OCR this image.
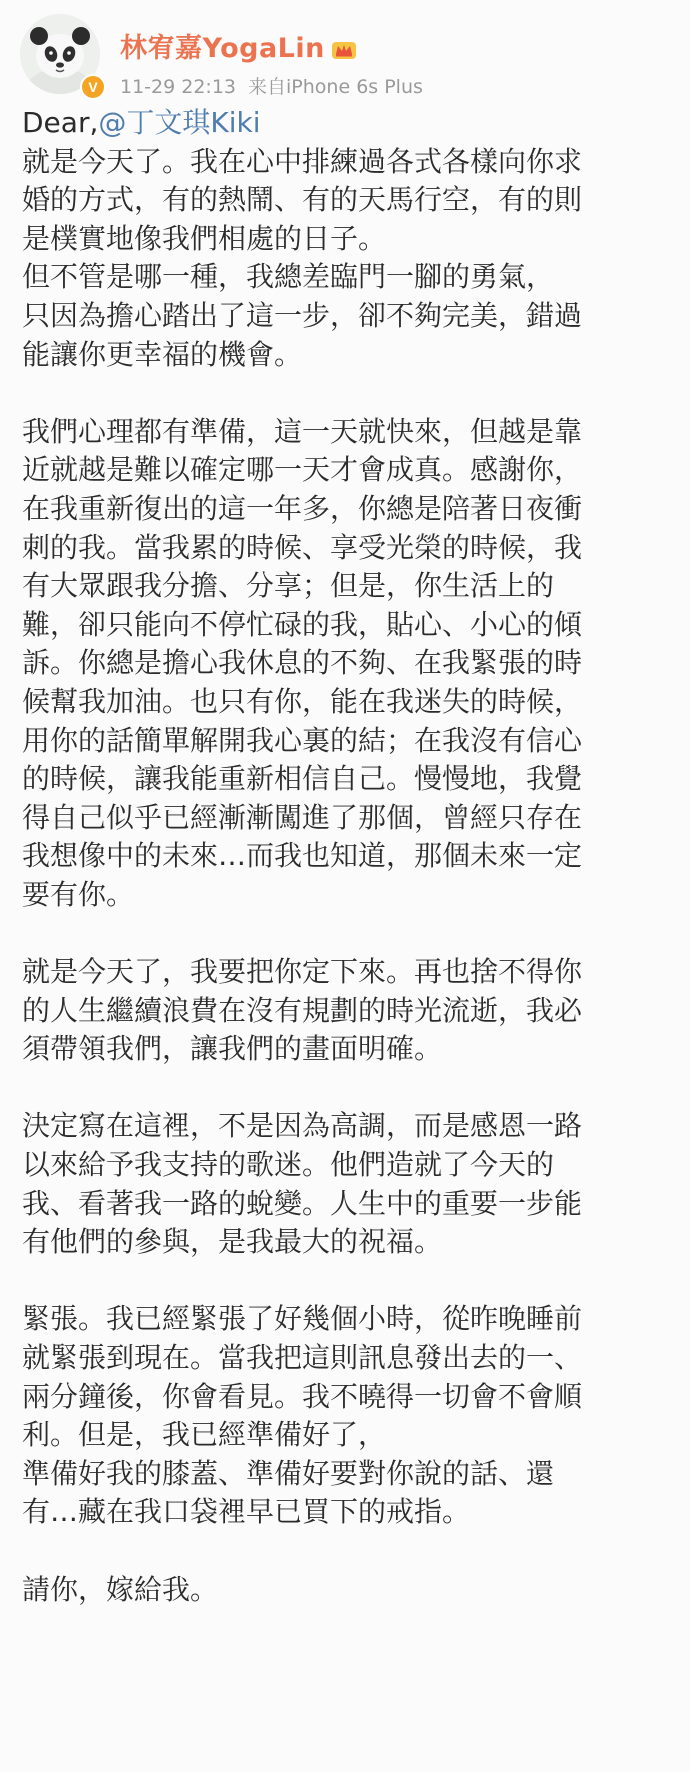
V
林宥嘉YogaLin
11-29 22:13 来自iPhone 6s Plus

Dear,@丁文琪Kiki

就是今天了。我在心中排練過各式各樣向你求
婚的方式，有的熱鬧、有的天馬行空，有的則
是樸實地像我們相處的日子。
但不管是哪一種，我總差臨門一腳的勇氣，
只因為擔心踏出了這一步，卻不夠完美，錯過
能讓你更幸福的機會。

我們心理都有準備，這一天就快來，但越是靠
近就越是難以確定哪一天才會成真。感謝你，
在我重新復出的這一年多，你總是陪著日夜衝
刺的我。當我累的時候、享受光榮的時候，我
有大眾跟我分擔、分享；但是，你生活上的
難，卻只能向不停忙碌的我，貼心、小心的傾
訴。你總是擔心我休息的不夠、在我緊張的時
候幫我加油。也只有你，能在我迷失的時候，
用你的話簡單解開我心裏的結；在我沒有信心
的時候，讓我能重新相信自己。慢慢地，我覺
得自己似乎已經漸漸闖進了那個，曾經只存在
我想像中的未來…而我也知道，那個未來一定
要有你。

就是今天了，我要把你定下來。再也捨不得你
的人生繼續浪費在沒有規劃的時光流逝，我必
須帶領我們，讓我們的畫面明確。

決定寫在這裡，不是因為高調，而是感恩一路
以來給予我支持的歌迷。他們造就了今天的
我、看著我一路的蛻變。人生中的重要一步能
有他們的參與，是我最大的祝福。

緊張。我已經緊張了好幾個小時，從昨晚睡前
就緊張到現在。當我把這則訊息發出去的一、
兩分鐘後，你會看見。我不曉得一切會不會順
利。但是，我已經準備好了，
準備好我的膝蓋、準備好要對你說的話、還
有…藏在我口袋裡早已買下的戒指。

請你，嫁給我。
